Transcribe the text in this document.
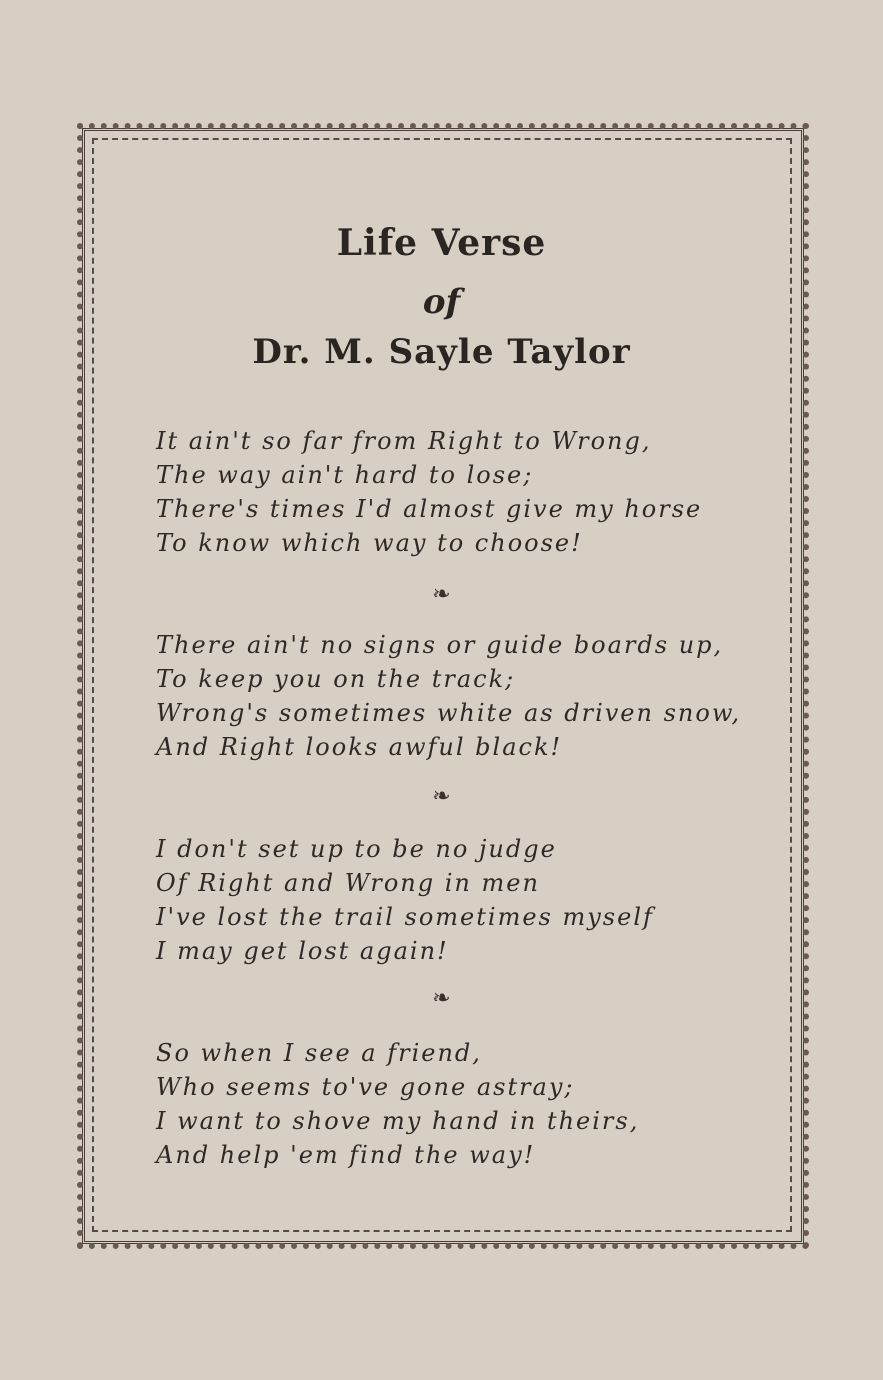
Life Verse
of
Dr. M. Sayle Taylor
It ain't so far from Right to Wrong,
The way ain't hard to lose;
There's times I'd almost give my horse
To know which way to choose!
❧
There ain't no signs or guide boards up,
To keep you on the track;
Wrong's sometimes white as driven snow,
And Right looks awful black!
❧
I don't set up to be no judge
Of Right and Wrong in men
I've lost the trail sometimes myself
I may get lost again!
❧
So when I see a friend,
Who seems to've gone astray;
I want to shove my hand in theirs,
And help 'em find the way!
